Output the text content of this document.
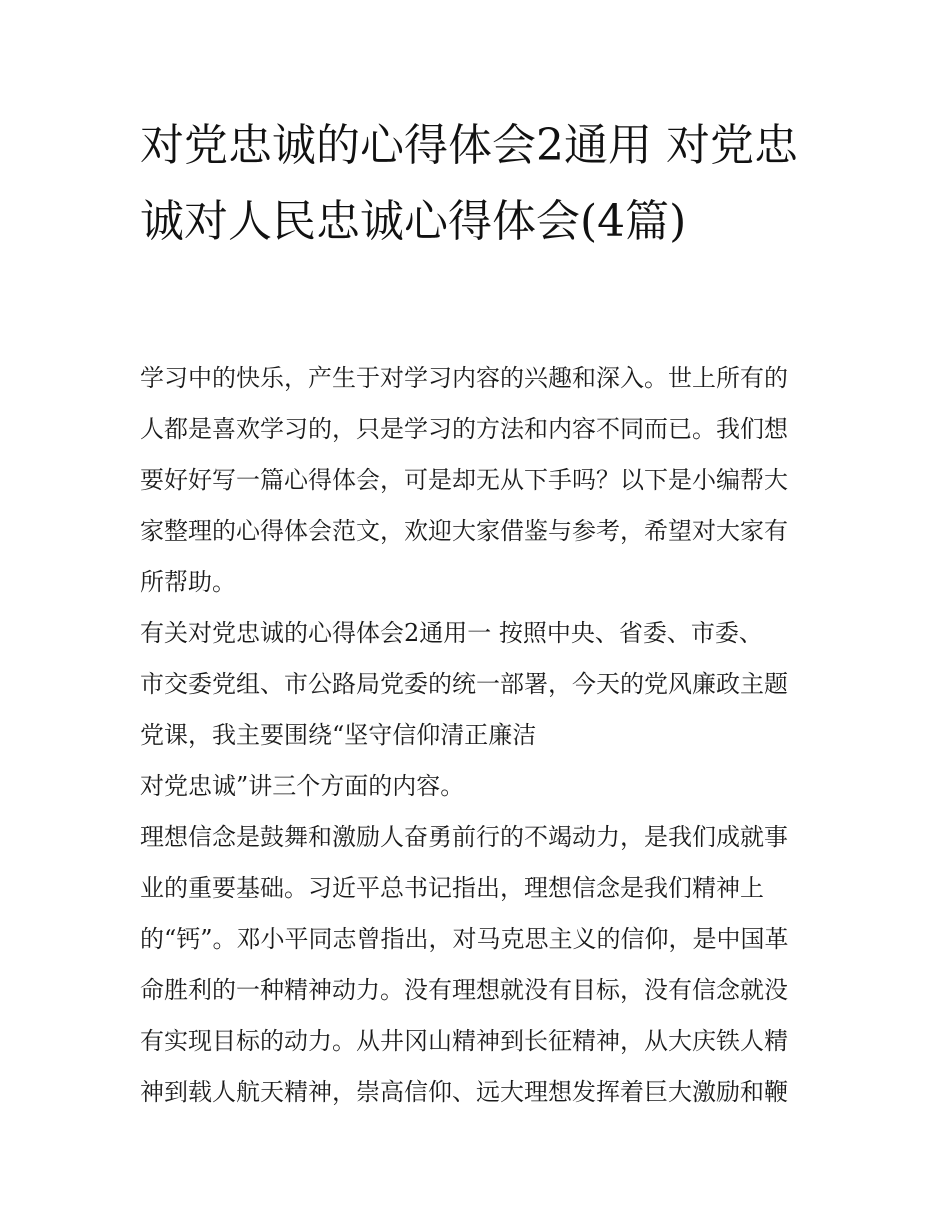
对党忠诚的心得体会2通用 对党忠诚对人民忠诚心得体会(4篇)
学习中的快乐，产生于对学习内容的兴趣和深入。世上所有的
人都是喜欢学习的，只是学习的方法和内容不同而已。我们想
要好好写一篇心得体会，可是却无从下手吗？以下是小编帮大
家整理的心得体会范文，欢迎大家借鉴与参考，希望对大家有
所帮助。
有关对党忠诚的心得体会2通用一 按照中央、省委、市委、
市交委党组、市公路局党委的统一部署，今天的党风廉政主题
党课，我主要围绕“坚守信仰清正廉洁
对党忠诚”讲三个方面的内容。
理想信念是鼓舞和激励人奋勇前行的不竭动力，是我们成就事
业的重要基础。习近平总书记指出，理想信念是我们精神上
的“钙”。邓小平同志曾指出，对马克思主义的信仰，是中国革
命胜利的一种精神动力。没有理想就没有目标，没有信念就没
有实现目标的动力。从井冈山精神到长征精神，从大庆铁人精
神到载人航天精神，崇高信仰、远大理想发挥着巨大激励和鞭
